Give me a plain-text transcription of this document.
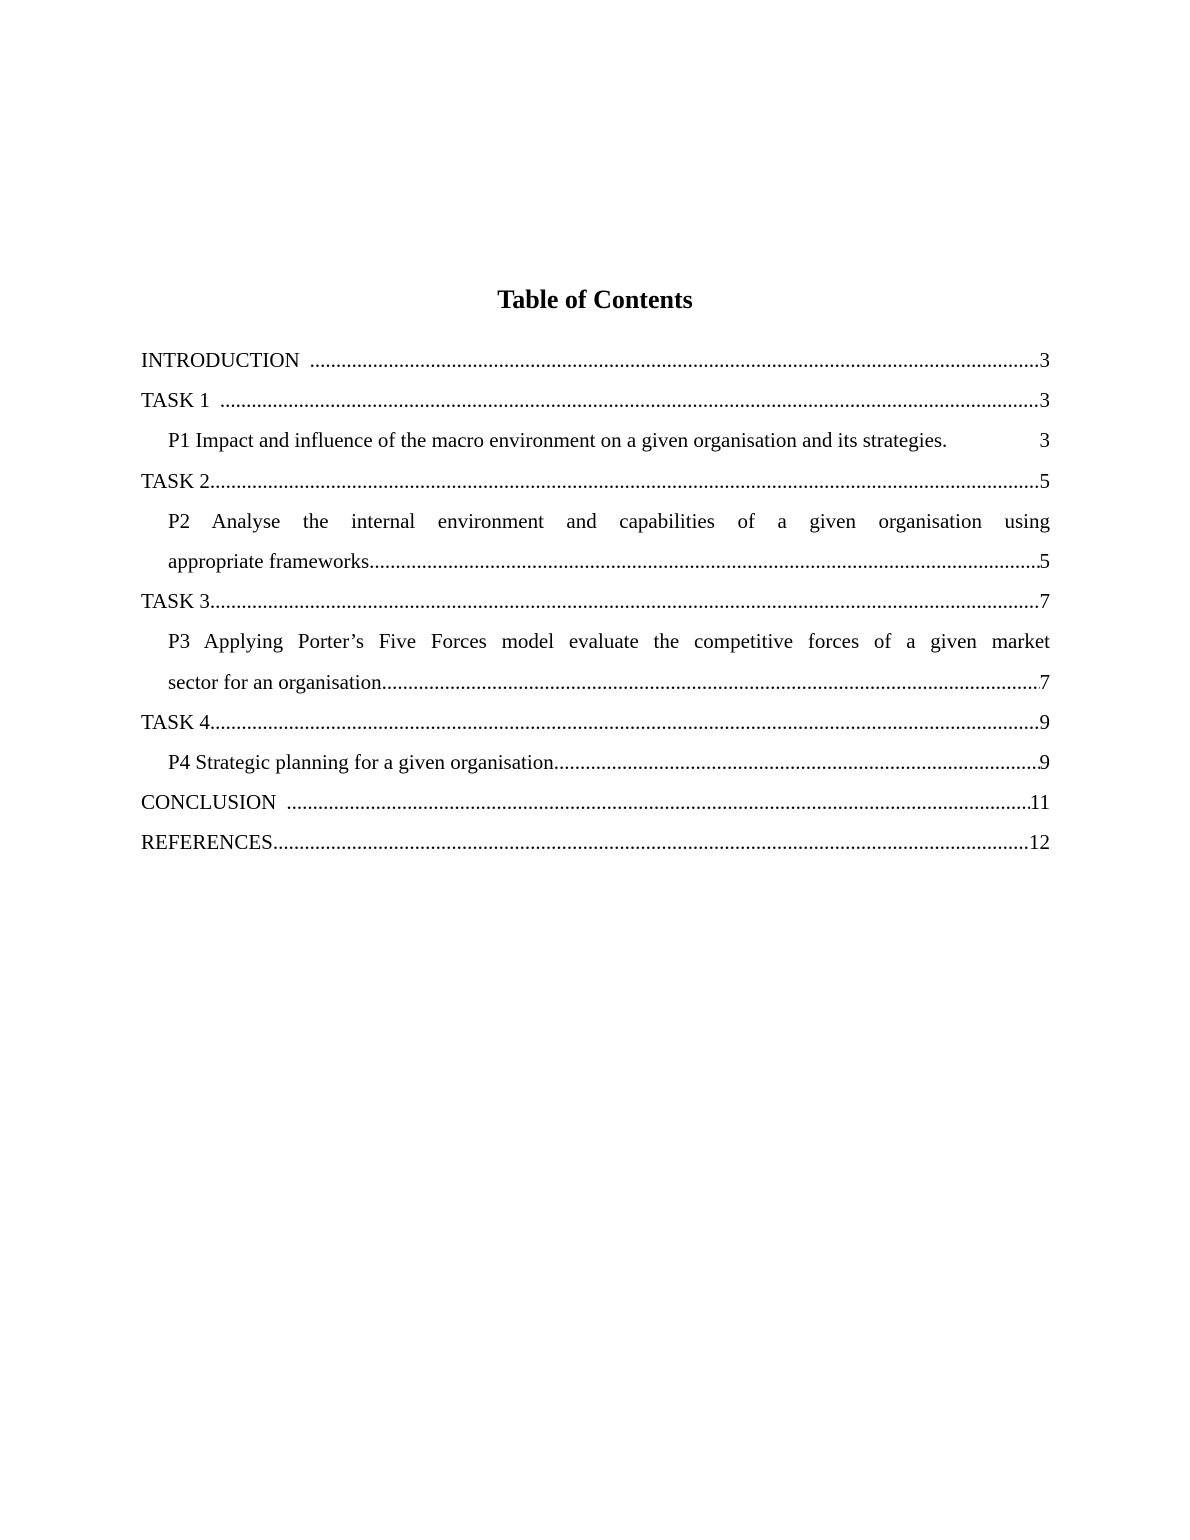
Table of Contents
INTRODUCTION .....	3
TASK 1 .....	3
P1 Impact and influence of the macro environment on a given organisation and its strategies.	3
TASK 2 .....	5
P2 Analyse the internal environment and capabilities of a given organisation using
appropriate frameworks .....	5
TASK 3 .....	7
P3 Applying Porter’s Five Forces model evaluate the competitive forces of a given market
sector for an organisation .....	7
TASK 4 .....	9
P4 Strategic planning for a given organisation .....	9
CONCLUSION .....	11
REFERENCES .....	12
